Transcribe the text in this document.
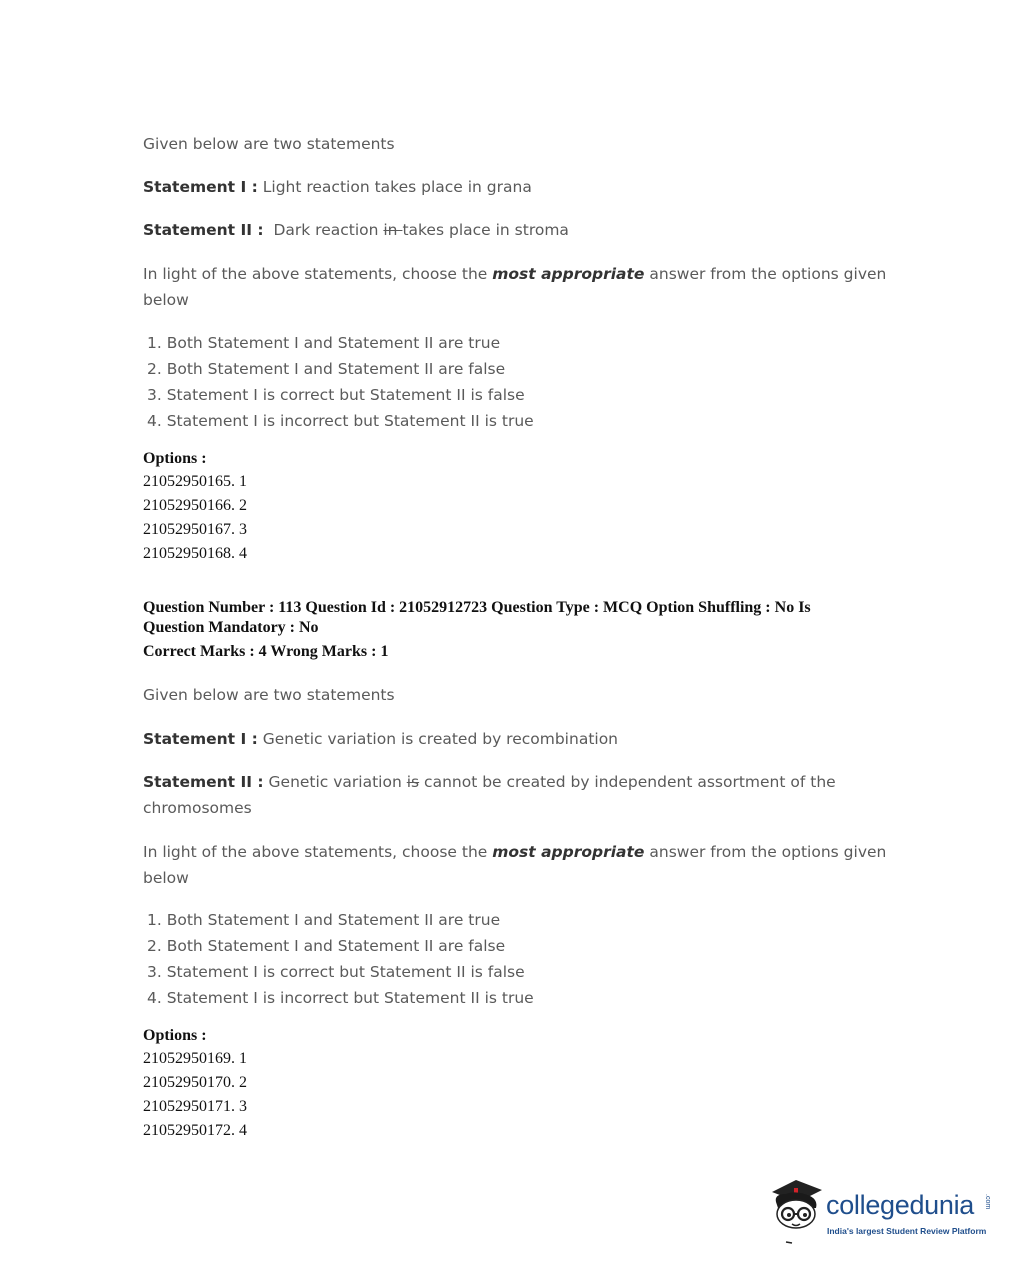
Given below are two statements
Statement I : Light reaction takes place in grana
Statement II :  Dark reaction in takes place in stroma
In light of the above statements, choose the most appropriate answer from the options given
below
1. Both Statement I and Statement II are true
2. Both Statement I and Statement II are false
3. Statement I is correct but Statement II is false
4. Statement I is incorrect but Statement II is true
Options :
21052950165. 1
21052950166. 2
21052950167. 3
21052950168. 4
Question Number : 113 Question Id : 21052912723 Question Type : MCQ Option Shuffling : No Is
Question Mandatory : No
Correct Marks : 4 Wrong Marks : 1
Given below are two statements
Statement I : Genetic variation is created by recombination
Statement II : Genetic variation is cannot be created by independent assortment of the
chromosomes
In light of the above statements, choose the most appropriate answer from the options given
below
1. Both Statement I and Statement II are true
2. Both Statement I and Statement II are false
3. Statement I is correct but Statement II is false
4. Statement I is incorrect but Statement II is true
Options :
21052950169. 1
21052950170. 2
21052950171. 3
21052950172. 4
collegedunia .com
India's largest Student Review Platform
